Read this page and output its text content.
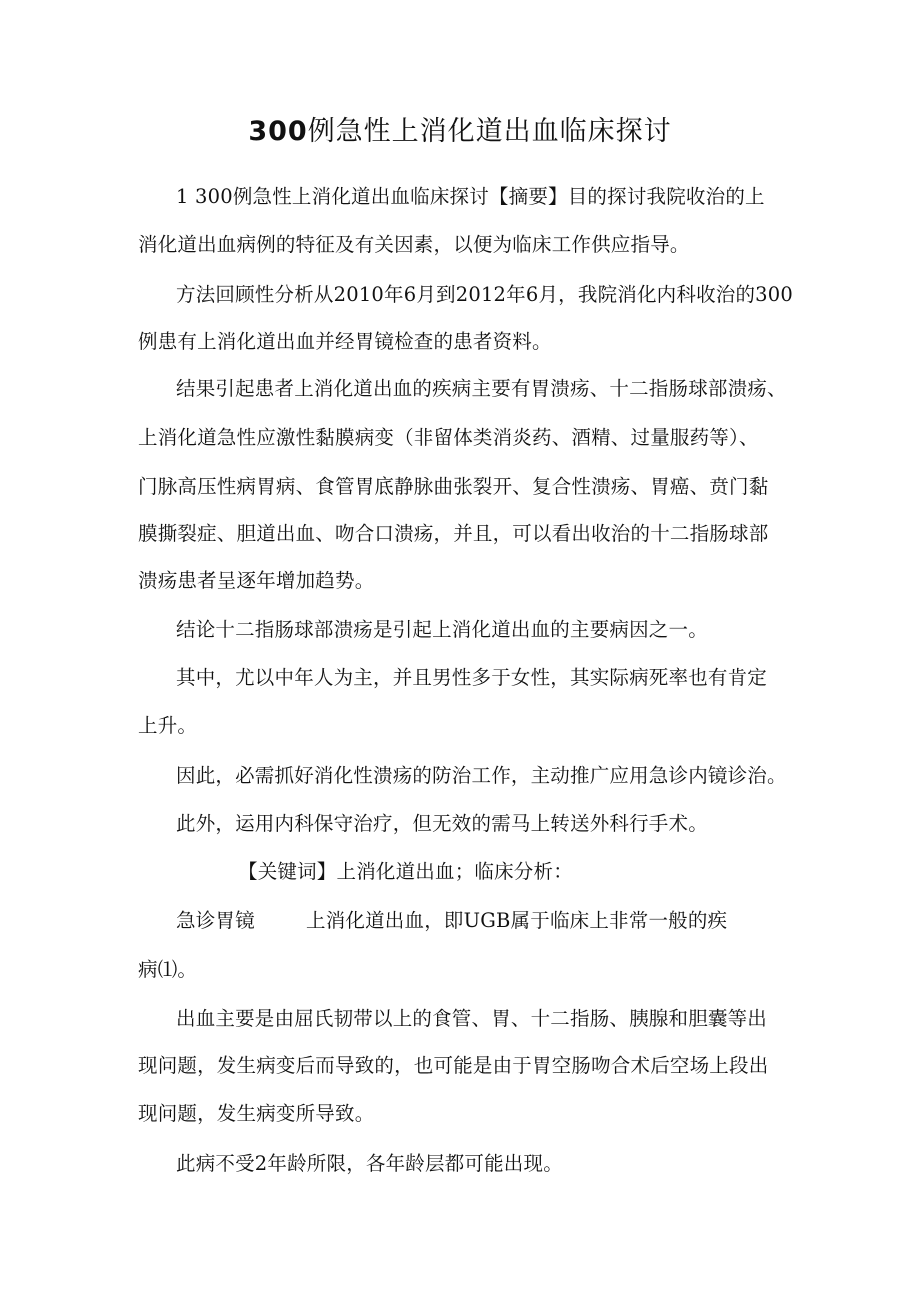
300例急性上消化道出血临床探讨
1 300例急性上消化道出血临床探讨【摘要】目的探讨我院收治的上
消化道出血病例的特征及有关因素，以便为临床工作供应指导。
方法回顾性分析从2010年6月到2012年6月，我院消化内科收治的300
例患有上消化道出血并经胃镜检查的患者资料。
结果引起患者上消化道出血的疾病主要有胃溃疡、十二指肠球部溃疡、
上消化道急性应激性黏膜病变（非留体类消炎药、酒精、过量服药等）、
门脉高压性病胃病、食管胃底静脉曲张裂开、复合性溃疡、胃癌、贲门黏
膜撕裂症、胆道出血、吻合口溃疡，并且，可以看出收治的十二指肠球部
溃疡患者呈逐年增加趋势。
结论十二指肠球部溃疡是引起上消化道出血的主要病因之一。
其中，尤以中年人为主，并且男性多于女性，其实际病死率也有肯定
上升。
因此，必需抓好消化性溃疡的防治工作，主动推广应用急诊内镜诊治。
此外，运用内科保守治疗，但无效的需马上转送外科行手术。
【关键词】上消化道出血；临床分析：
急诊胃镜	上消化道出血，即UGB属于临床上非常一般的疾
病⑴。
出血主要是由屈氏韧带以上的食管、胃、十二指肠、胰腺和胆囊等出
现问题，发生病变后而导致的，也可能是由于胃空肠吻合术后空场上段出
现问题，发生病变所导致。
此病不受2年龄所限，各年龄层都可能出现。
